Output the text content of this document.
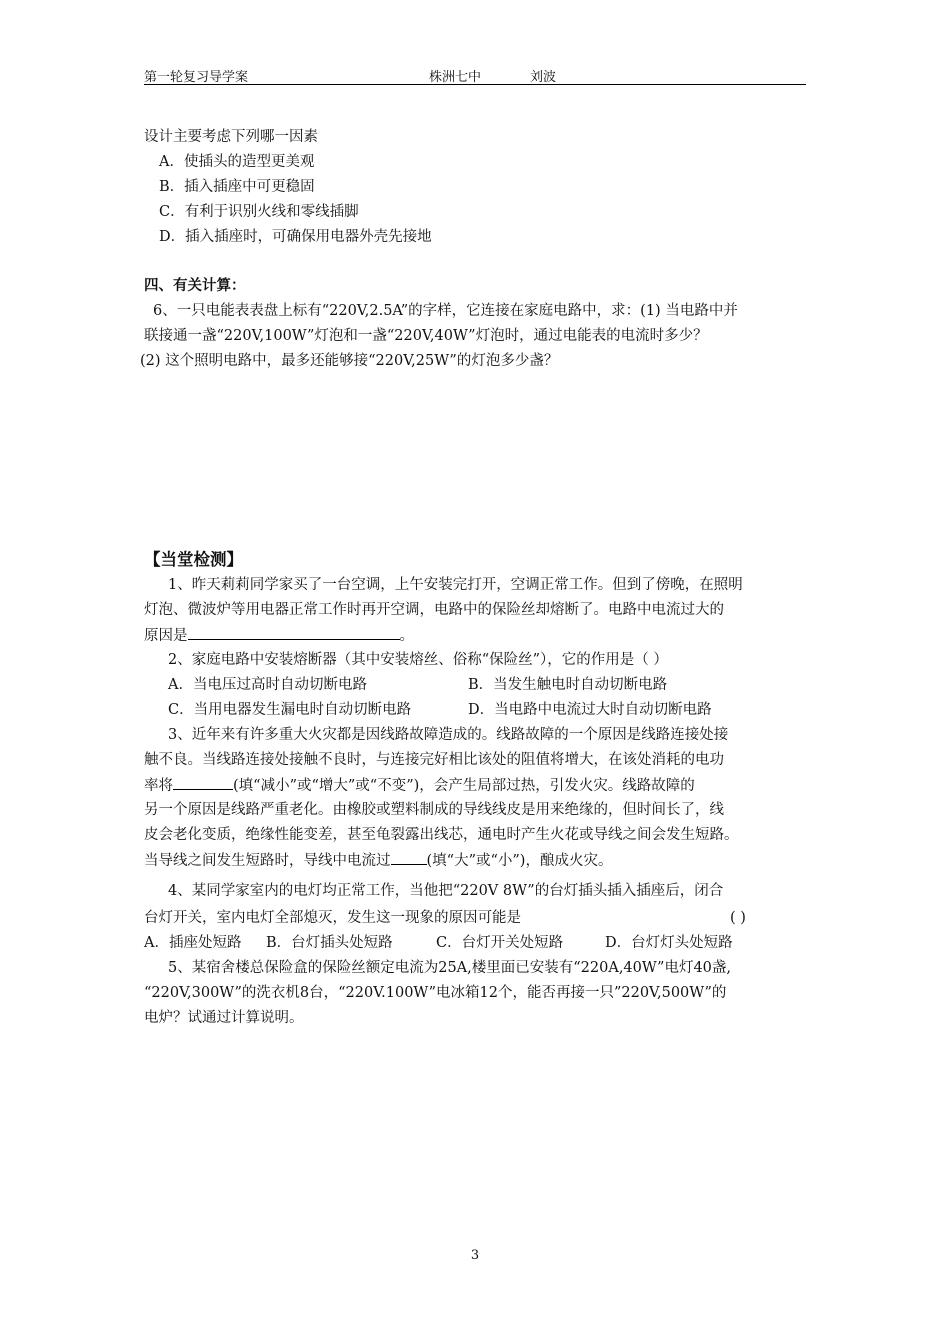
第一轮复习导学案	株洲七中	刘波
设计主要考虑下列哪一因素
A．使插头的造型更美观
B．插入插座中可更稳固
C．有利于识别火线和零线插脚
D．插入插座时，可确保用电器外壳先接地
四、有关计算：
6、一只电能表表盘上标有“220V,2.5A”的字样，它连接在家庭电路中，求：(1) 当电路中并
联接通一盏“220V,100W”灯泡和一盏“220V,40W”灯泡时，通过电能表的电流时多少？
(2) 这个照明电路中，最多还能够接“220V,25W”的灯泡多少盏？
【当堂检测】
1、昨天莉莉同学家买了一台空调，上午安装完打开，空调正常工作。但到了傍晚，在照明
灯泡、微波炉等用电器正常工作时再开空调，电路中的保险丝却熔断了。电路中电流过大的
原因是	。
2、家庭电路中安装熔断器（其中安装熔丝、俗称“保险丝”），它的作用是（ ）
A．当电压过高时自动切断电路	B．当发生触电时自动切断电路
C．当用电器发生漏电时自动切断电路	D．当电路中电流过大时自动切断电路
3、近年来有许多重大火灾都是因线路故障造成的。线路故障的一个原因是线路连接处接
触不良。当线路连接处接触不良时，与连接完好相比该处的阻值将增大，在该处消耗的电功
率将	(填“减小”或“增大”或“不变”)，会产生局部过热，引发火灾。线路故障的
另一个原因是线路严重老化。由橡胶或塑料制成的导线线皮是用来绝缘的，但时间长了，线
皮会老化变质，绝缘性能变差，甚至龟裂露出线芯，通电时产生火花或导线之间会发生短路。
当导线之间发生短路时，导线中电流过 (填“大”或“小”)，酿成火灾。
4、某同学家室内的电灯均正常工作，当他把“220V 8W”的台灯插头插入插座后，闭合
台灯开关，室内电灯全部熄灭，发生这一现象的原因可能是	( )
A．插座处短路 B．台灯插头处短路	C．台灯开关处短路	D．台灯灯头处短路
5、某宿舍楼总保险盒的保险丝额定电流为25A,楼里面已安装有“220A,40W”电灯40盏,
“220V,300W”的洗衣机8台，“220V.100W”电冰箱12个，能否再接一只”220V,500W”的
电炉？试通过计算说明。
3
